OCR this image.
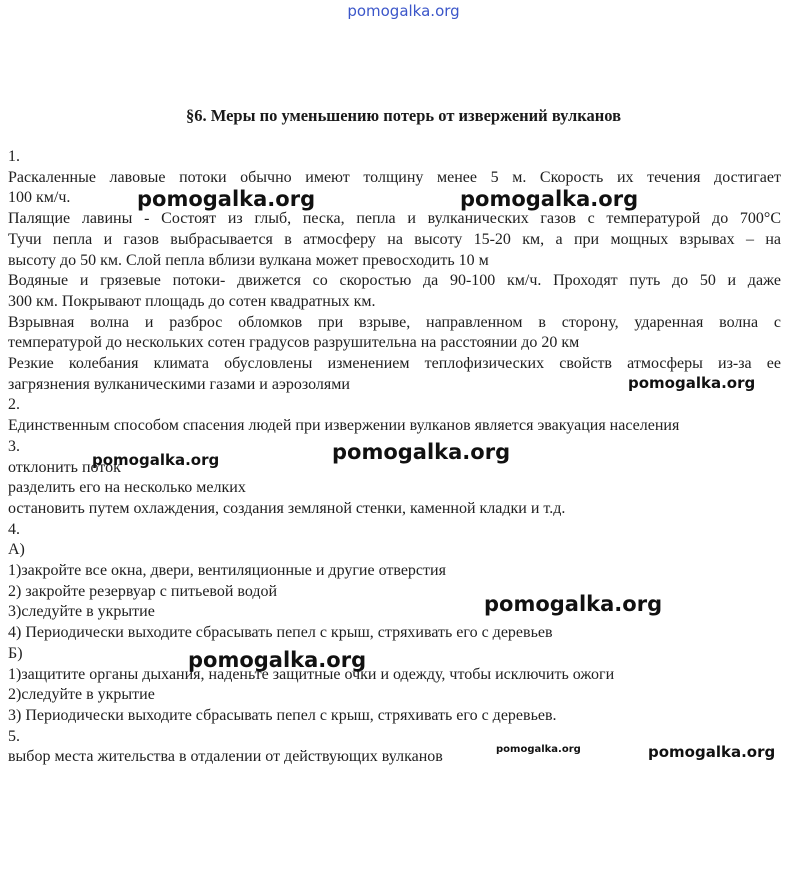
pomogalka.org
§6. Меры по уменьшению потерь от извержений вулканов
1.
Раскаленные лавовые потоки обычно имеют толщину менее 5 м. Скорость их течения достигает
100 км/ч.
Палящие лавины - Состоят из глыб, песка, пепла и вулканических газов с температурой до 700°С
Тучи пепла и газов выбрасывается в атмосферу на высоту 15-20 км, а при мощных взрывах – на
высоту до 50 км. Слой пепла вблизи вулкана может превосходить 10 м
Водяные и грязевые потоки- движется со скоростью да 90-100 км/ч. Проходят путь до 50 и даже
300 км. Покрывают площадь до сотен квадратных км.
Взрывная волна и разброс обломков при взрыве, направленном в сторону, ударенная волна с
температурой до нескольких сотен градусов разрушительна на расстоянии до 20 км
Резкие колебания климата обусловлены изменением теплофизических свойств атмосферы из-за ее
загрязнения вулканическими газами и аэрозолями
2.
Единственным способом спасения людей при извержении вулканов является эвакуация населения
3.
отклонить поток
разделить его на несколько мелких
остановить путем охлаждения, создания земляной стенки, каменной кладки и т.д.
4.
А)
1)закройте все окна, двери, вентиляционные и другие отверстия
2) закройте резервуар с питьевой водой
3)следуйте в укрытие
4) Периодически выходите сбрасывать пепел с крыш, стряхивать его с деревьев
Б)
1)защитите органы дыхания, наденьте защитные очки и одежду, чтобы исключить ожоги
2)следуйте в укрытие
3) Периодически выходите сбрасывать пепел с крыш, стряхивать его с деревьев.
5.
выбор места жительства в отдалении от действующих вулканов
pomogalka.org	pomogalka.org
pomogalka.org
pomogalka.org	pomogalka.org
pomogalka.org
pomogalka.org
pomogalka.org	pomogalka.org
